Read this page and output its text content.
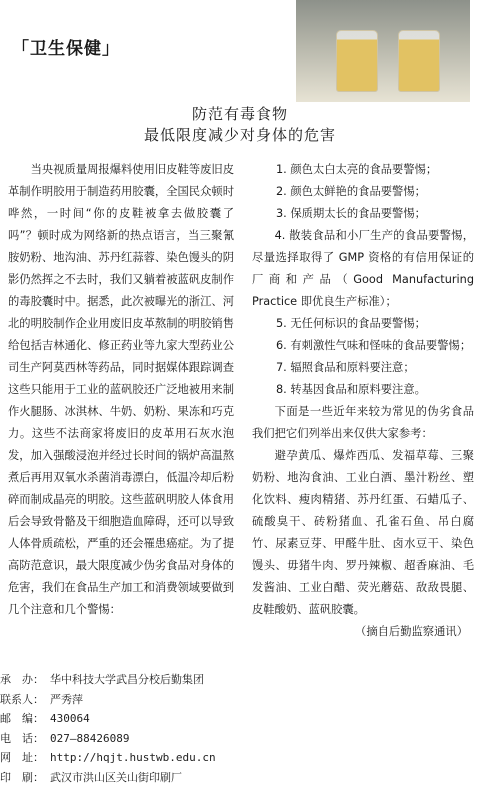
「卫生保健」
防范有毒食物
最低限度减少对身体的危害

当央视质量周报爆料使用旧皮鞋等废旧皮革制作明胶用于制造药用胶囊，全国民众顿时哗然，一时间“你的皮鞋被拿去做胶囊了吗”？顿时成为网络新的热点语言，当三聚氰胺奶粉、地沟油、苏丹红蒜蓉、染色馒头的阴影仍然挥之不去时，我们又躺着被蓝矾皮制作的毒胶囊时中。据悉，此次被曝光的浙江、河北的明胶制作企业用废旧皮革熬制的明胶销售给包括吉林通化、修正药业等九家大型药业公司生产阿莫西林等药品，同时据媒体跟踪调查这些只能用于工业的蓝矾胶还广泛地被用来制作火腿肠、冰淇林、牛奶、奶粉、果冻和巧克力。这些不法商家将废旧的皮革用石灰水泡发，加入强酸浸泡并经过长时间的锅炉高温熬煮后再用双氧水杀菌消毒漂白，低温冷却后粉碎而制成晶亮的明胶。这些蓝矾明胶人体食用后会导致骨骼及干细胞造血障碍，还可以导致人体骨质疏松，严重的还会罹患癌症。为了提高防范意识，最大限度减少伪劣食品对身体的危害，我们在食品生产加工和消费领域要做到几个注意和几个警惕：

1. 颜色太白太亮的食品要警惕；

2. 颜色太鲜艳的食品要警惕；

3. 保质期太长的食品要警惕；

4. 散装食品和小厂生产的食品要警惕，尽量选择取得了 GMP 资格的有信用保证的厂商和产品（Good Manufacturing Practice 即优良生产标准）；

5. 无任何标识的食品要警惕；

6. 有刺激性气味和怪味的食品要警惕；

7. 辐照食品和原料要注意；

8. 转基因食品和原料要注意。

下面是一些近年来较为常见的伪劣食品我们把它们列举出来仅供大家参考：

避孕黄瓜、爆炸西瓜、发福草莓、三聚奶粉、地沟食油、工业白酒、墨汁粉丝、塑化饮料、瘦肉精猪、苏丹红蛋、石蜡瓜子、硫酸臭干、砖粉猪血、孔雀石鱼、吊白腐竹、尿素豆芽、甲醛牛肚、卤水豆干、染色馒头、毋猪牛肉、罗丹辣椒、超香麻油、毛发酱油、工业白醋、荧光蘑菇、敌敌畏腿、皮鞋酸奶、蓝矾胶囊。

（摘自后勤监察通讯）

承　办： 华中科技大学武昌分校后勤集团
联系人： 严秀萍
邮　编： 430064
电　话： 027—88426089
网　址： http://hqjt.hustwb.edu.cn
印　刷： 武汉市洪山区关山街印刷厂
